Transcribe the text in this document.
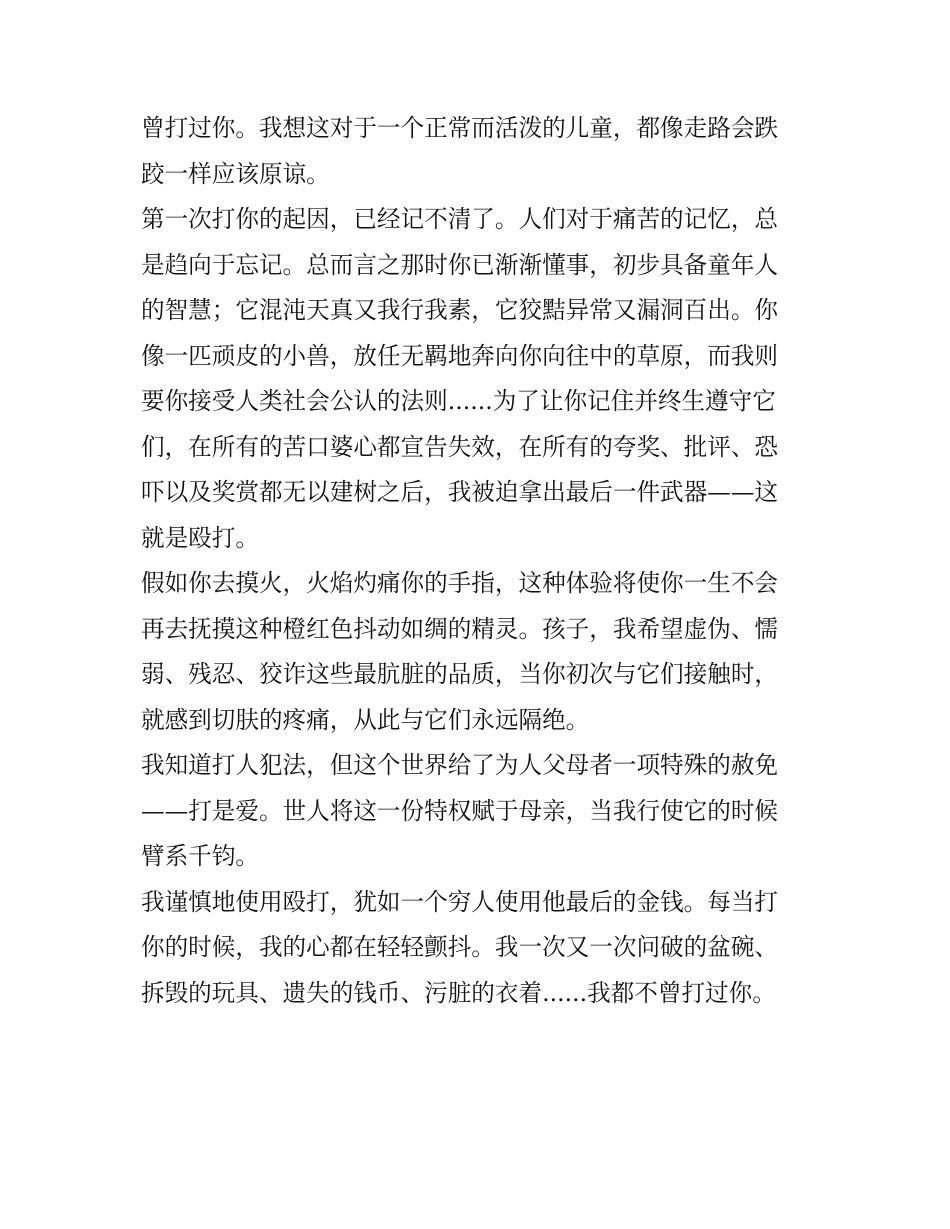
曾打过你。我想这对于一个正常而活泼的儿童，都像走路会跌
跤一样应该原谅。
第一次打你的起因，已经记不清了。人们对于痛苦的记忆，总
是趋向于忘记。总而言之那时你已渐渐懂事，初步具备童年人
的智慧；它混沌天真又我行我素，它狡黠异常又漏洞百出。你
像一匹顽皮的小兽，放任无羁地奔向你向往中的草原，而我则
要你接受人类社会公认的法则......为了让你记住并终生遵守它
们，在所有的苦口婆心都宣告失效，在所有的夸奖、批评、恐
吓以及奖赏都无以建树之后，我被迫拿出最后一件武器——这
就是殴打。
假如你去摸火，火焰灼痛你的手指，这种体验将使你一生不会
再去抚摸这种橙红色抖动如绸的精灵。孩子，我希望虚伪、懦
弱、残忍、狡诈这些最肮脏的品质，当你初次与它们接触时，
就感到切肤的疼痛，从此与它们永远隔绝。
我知道打人犯法，但这个世界给了为人父母者一项特殊的赦免
——打是爱。世人将这一份特权赋于母亲，当我行使它的时候
臂系千钧。
我谨慎地使用殴打，犹如一个穷人使用他最后的金钱。每当打
你的时候，我的心都在轻轻颤抖。我一次又一次问破的盆碗、
拆毁的玩具、遗失的钱币、污脏的衣着......我都不曾打过你。
